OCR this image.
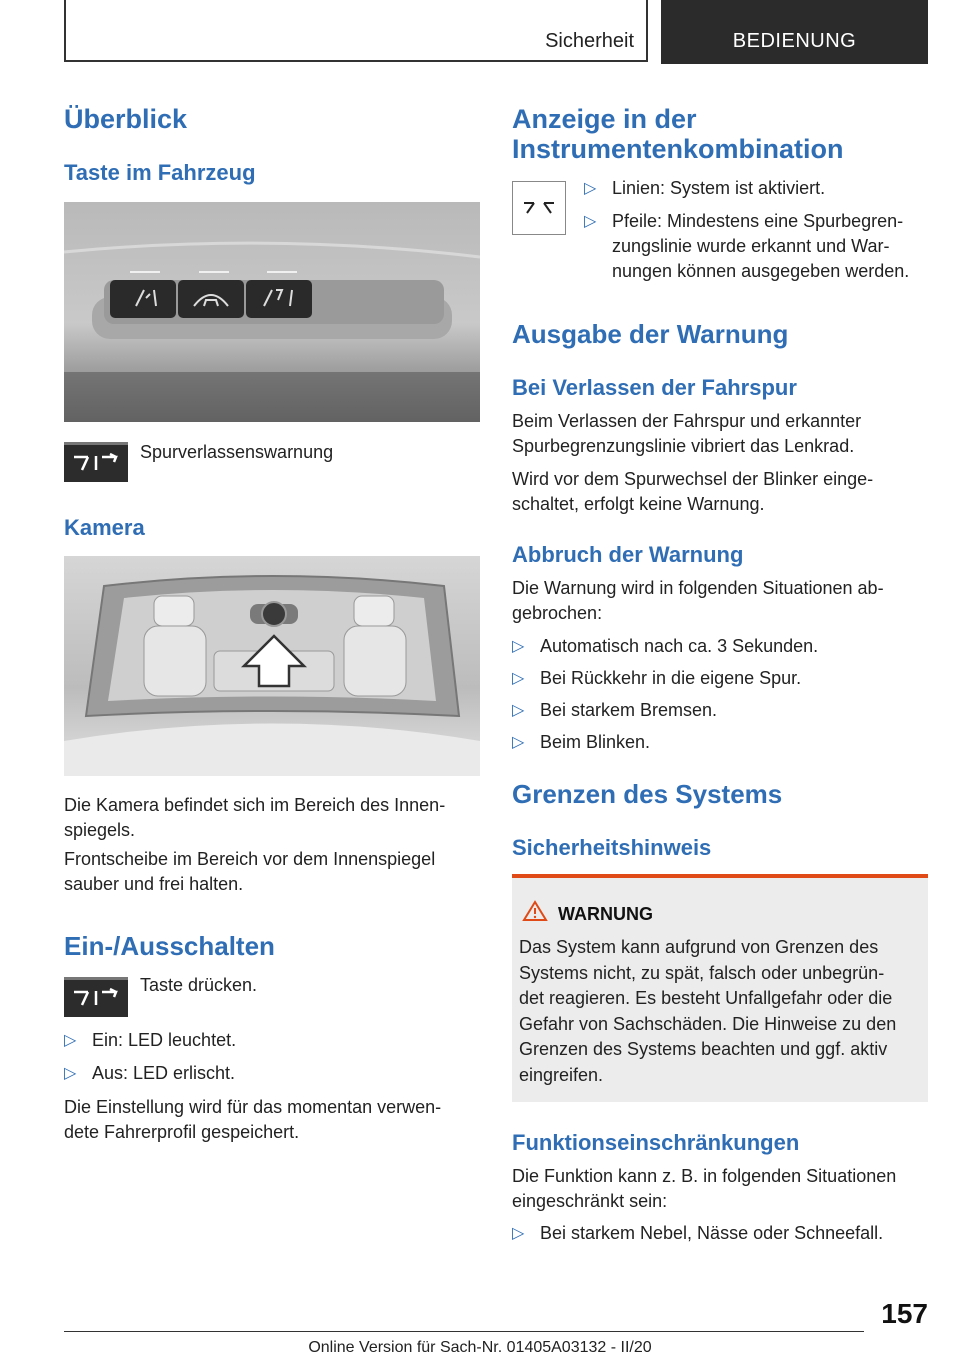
Sicherheit	BEDIENUNG
Überblick
Taste im Fahrzeug

Spurverlassenswarnung

Kamera

Die Kamera befindet sich im Bereich des Innen-
spiegels.

Frontscheibe im Bereich vor dem Innenspiegel
sauber und frei halten.

Ein-/Ausschalten

Taste drücken.

▷ Ein: LED leuchtet.
▷ Aus: LED erlischt.

Die Einstellung wird für das momentan verwen-
dete Fahrerprofil gespeichert.

Anzeige in der
Instrumentenkombination
▷ Linien: System ist aktiviert.
▷ Pfeile: Mindestens eine Spurbegren-
zungslinie wurde erkannt und War-
nungen können ausgegeben werden.
Ausgabe der Warnung
Bei Verlassen der Fahrspur

Beim Verlassen der Fahrspur und erkannter
Spurbegrenzungslinie vibriert das Lenkrad.

Wird vor dem Spurwechsel der Blinker einge-
schaltet, erfolgt keine Warnung.

Abbruch der Warnung

Die Warnung wird in folgenden Situationen ab-
gebrochen:

▷ Automatisch nach ca. 3 Sekunden.
▷ Bei Rückkehr in die eigene Spur.
▷ Bei starkem Bremsen.
▷ Beim Blinken.
Grenzen des Systems
Sicherheitshinweis
WARNUNG
Das System kann aufgrund von Grenzen des
Systems nicht, zu spät, falsch oder unbegrün-
det reagieren. Es besteht Unfallgefahr oder die
Gefahr von Sachschäden. Die Hinweise zu den
Grenzen des Systems beachten und ggf. aktiv
eingreifen.
Funktionseinschränkungen

Die Funktion kann z. B. in folgenden Situationen
eingeschränkt sein:

▷ Bei starkem Nebel, Nässe oder Schneefall.
157
Online Version für Sach-Nr. 01405A03132 - II/20
